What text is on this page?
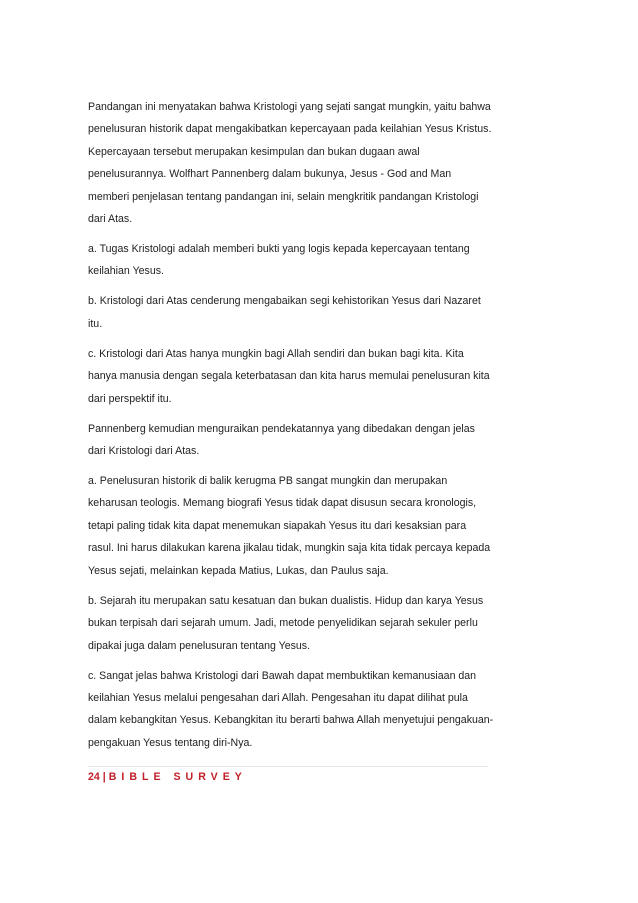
Pandangan ini menyatakan bahwa Kristologi yang sejati sangat mungkin, yaitu bahwa penelusuran historik dapat mengakibatkan kepercayaan pada keilahian Yesus Kristus. Kepercayaan tersebut merupakan kesimpulan dan bukan dugaan awal penelusurannya. Wolfhart Pannenberg dalam bukunya, Jesus ‐ God and Man memberi penjelasan tentang pandangan ini, selain mengkritik pandangan Kristologi dari Atas.

a. Tugas Kristologi adalah memberi bukti yang logis kepada kepercayaan tentang keilahian Yesus.

b. Kristologi dari Atas cenderung mengabaikan segi kehistorikan Yesus dari Nazaret itu.

c. Kristologi dari Atas hanya mungkin bagi Allah sendiri dan bukan bagi kita. Kita hanya manusia dengan segala keterbatasan dan kita harus memulai penelusuran kita dari perspektif itu.

Pannenberg kemudian menguraikan pendekatannya yang dibedakan dengan jelas dari Kristologi dari Atas.

a. Penelusuran historik di balik kerugma PB sangat mungkin dan merupakan keharusan teologis. Memang biografi Yesus tidak dapat disusun secara kronologis, tetapi paling tidak kita dapat menemukan siapakah Yesus itu dari kesaksian para rasul. Ini harus dilakukan karena jikalau tidak, mungkin saja kita tidak percaya kepada Yesus sejati, melainkan kepada Matius, Lukas, dan Paulus saja.

b. Sejarah itu merupakan satu kesatuan dan bukan dualistis. Hidup dan karya Yesus bukan terpisah dari sejarah umum. Jadi, metode penyelidikan sejarah sekuler perlu dipakai juga dalam penelusuran tentang Yesus.

c. Sangat jelas bahwa Kristologi dari Bawah dapat membuktikan kemanusiaan dan keilahian Yesus melalui pengesahan dari Allah. Pengesahan itu dapat dilihat pula dalam kebangkitan Yesus. Kebangkitan itu berarti bahwa Allah menyetujui pengakuan‐pengakuan Yesus tentang diri‐Nya.

24 | BIBLE SURVEY
